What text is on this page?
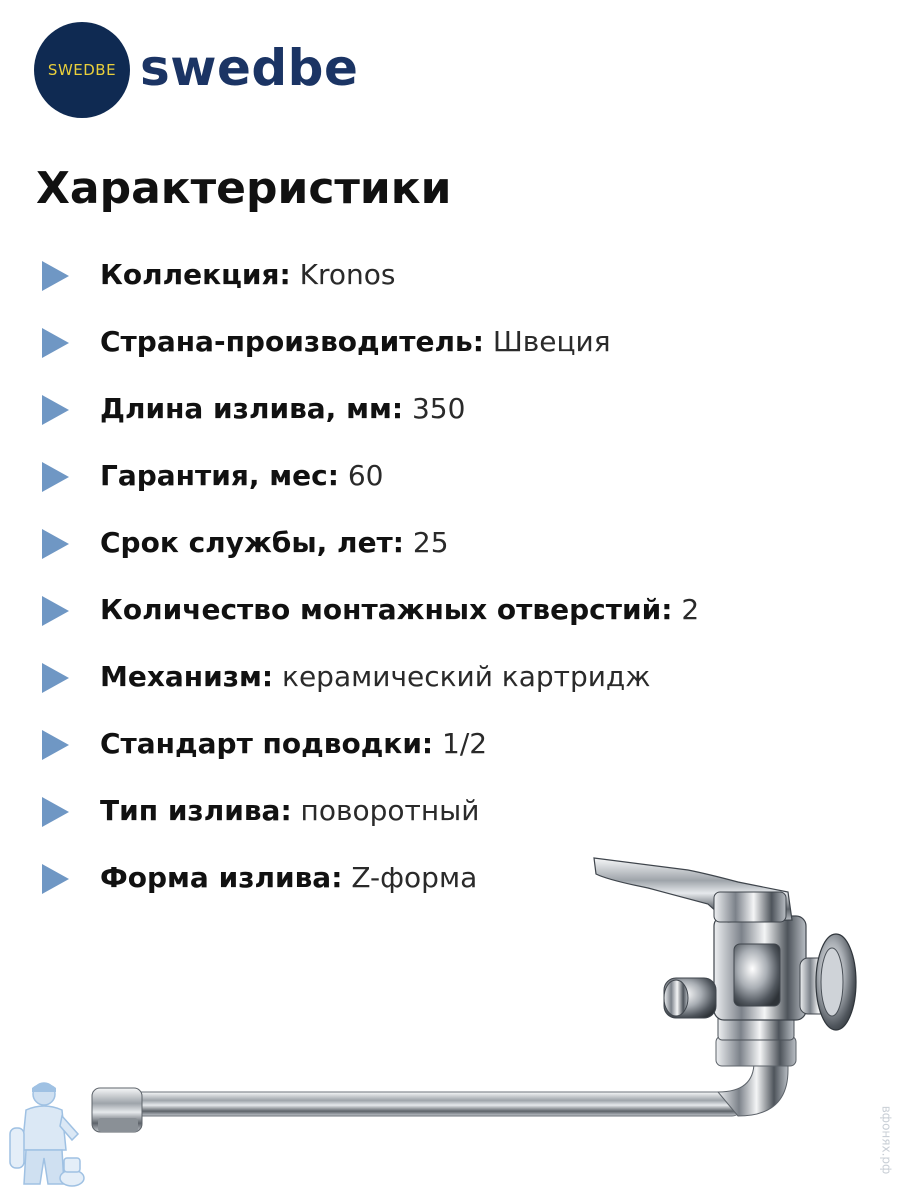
SWEDBE swedbe
Характеристики
Коллекция: Kronos
Страна-производитель: Швеция
Длина излива, мм: 350
Гарантия, мес: 60
Срок службы, лет: 25
Количество монтажных отверстий: 2
Механизм: керамический картридж
Стандарт подводки: 1/2
Тип излива: поворотный
Форма излива: Z-форма
вфонях.рф
